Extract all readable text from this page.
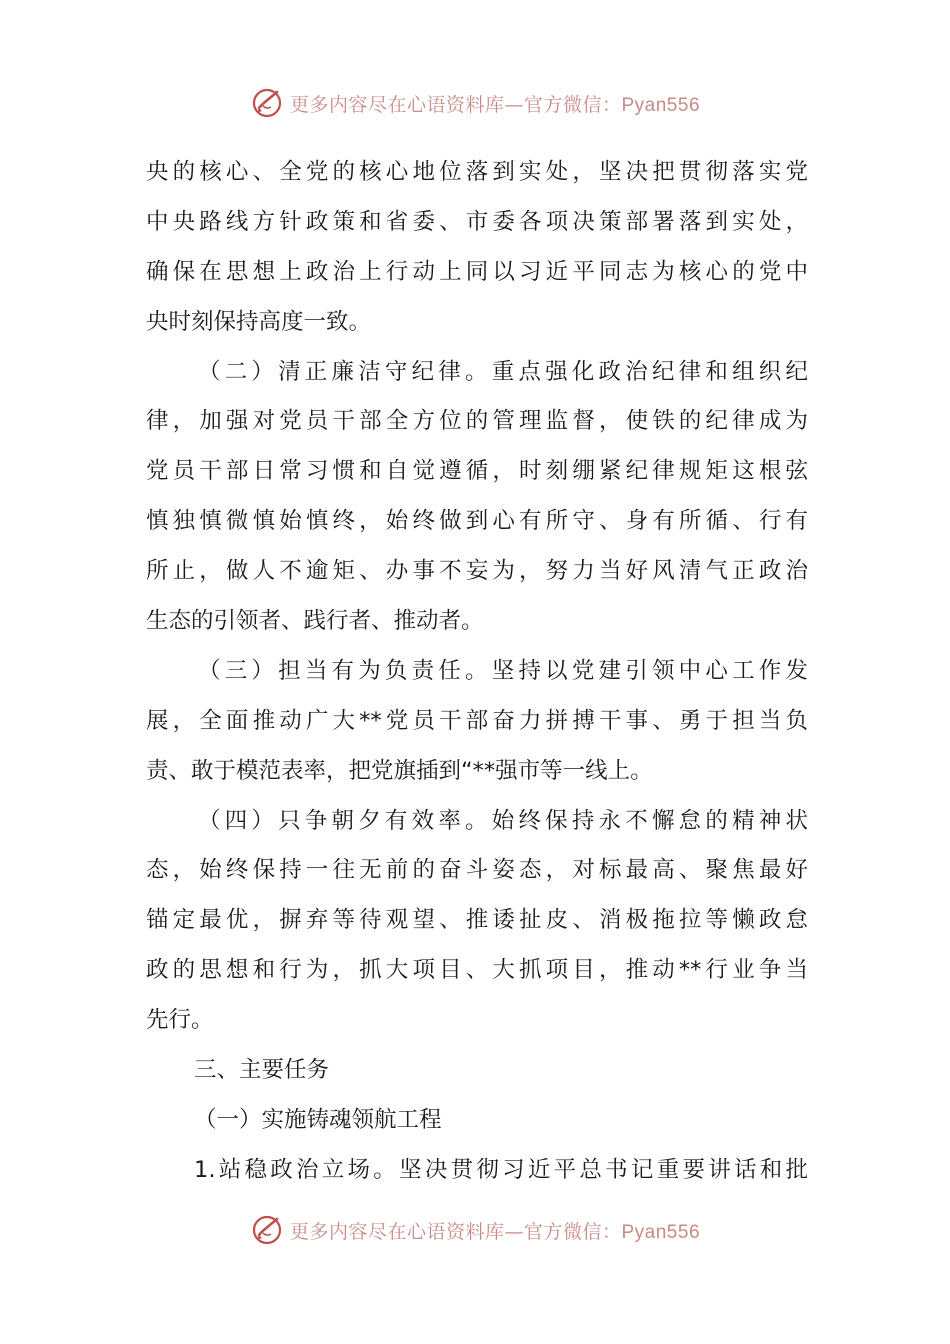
更多内容尽在心语资料库—官方微信：Pyan556
央的核心、全党的核心地位落到实处，坚决把贯彻落实党
中央路线方针政策和省委、市委各项决策部署落到实处，
确保在思想上政治上行动上同以习近平同志为核心的党中
央时刻保持高度一致。
（二）清正廉洁守纪律。重点强化政治纪律和组织纪
律，加强对党员干部全方位的管理监督，使铁的纪律成为
党员干部日常习惯和自觉遵循，时刻绷紧纪律规矩这根弦
慎独慎微慎始慎终，始终做到心有所守、身有所循、行有
所止，做人不逾矩、办事不妄为，努力当好风清气正政治
生态的引领者、践行者、推动者。
（三）担当有为负责任。坚持以党建引领中心工作发
展，全面推动广大**党员干部奋力拼搏干事、勇于担当负
责、敢于模范表率，把党旗插到“**强市等一线上。
（四）只争朝夕有效率。始终保持永不懈怠的精神状
态，始终保持一往无前的奋斗姿态，对标最高、聚焦最好
锚定最优，摒弃等待观望、推诿扯皮、消极拖拉等懒政怠
政的思想和行为，抓大项目、大抓项目，推动**行业争当
先行。
三、主要任务
（一）实施铸魂领航工程
1.站稳政治立场。坚决贯彻习近平总书记重要讲话和批
更多内容尽在心语资料库—官方微信：Pyan556
